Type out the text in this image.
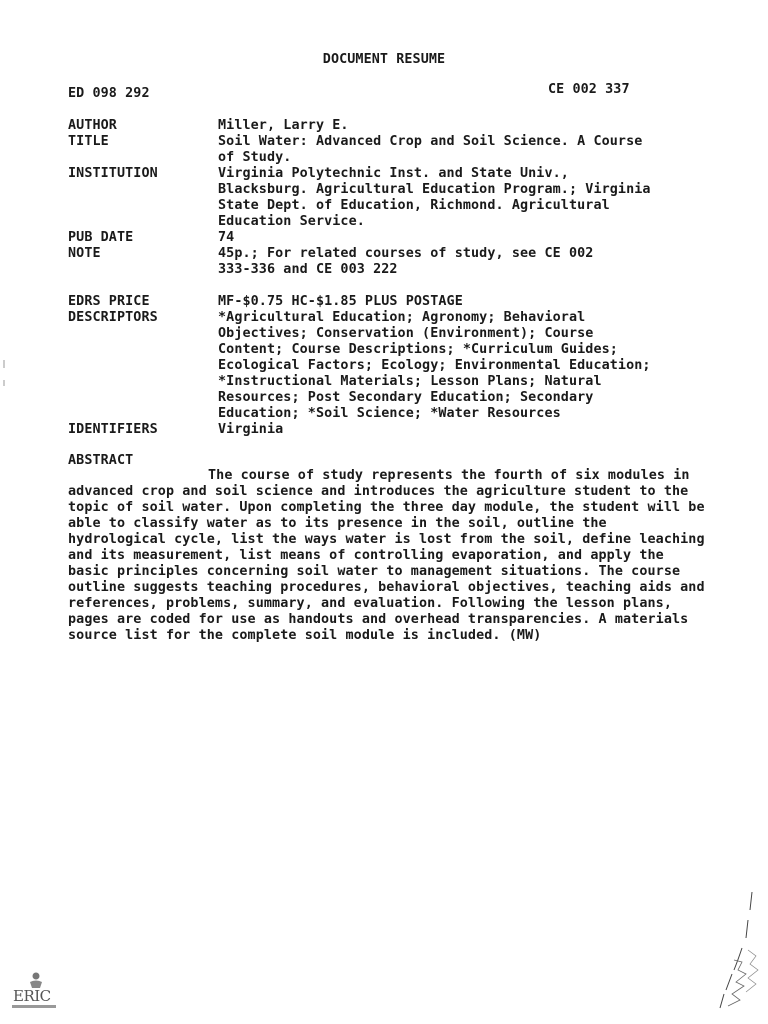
DOCUMENT RESUME
ED 098 292	CE 002 337
AUTHOR	Miller, Larry E.
TITLE	Soil Water: Advanced Crop and Soil Science. A Course
of Study.
INSTITUTION	Virginia Polytechnic Inst. and State Univ.,
Blacksburg. Agricultural Education Program.; Virginia
State Dept. of Education, Richmond. Agricultural
Education Service.
PUB DATE	74
NOTE	45p.; For related courses of study, see CE 002
333-336 and CE 003 222
EDRS PRICE	MF-$0.75 HC-$1.85 PLUS POSTAGE
DESCRIPTORS	*Agricultural Education; Agronomy; Behavioral
Objectives; Conservation (Environment); Course
Content; Course Descriptions; *Curriculum Guides;
Ecological Factors; Ecology; Environmental Education;
*Instructional Materials; Lesson Plans; Natural
Resources; Post Secondary Education; Secondary
Education; *Soil Science; *Water Resources
IDENTIFIERS	Virginia
ABSTRACT
The course of study represents the fourth of six modules in advanced crop and soil science and introduces the agriculture student to the topic of soil water. Upon completing the three day module, the student will be able to classify water as to its presence in the soil, outline the hydrological cycle, list the ways water is lost from the soil, define leaching and its measurement, list means of controlling evaporation, and apply the basic principles concerning soil water to management situations. The course outline suggests teaching procedures, behavioral objectives, teaching aids and references, problems, summary, and evaluation. Following the lesson plans, pages are coded for use as handouts and overhead transparencies. A materials source list for the complete soil module is included. (MW)
ERIC
